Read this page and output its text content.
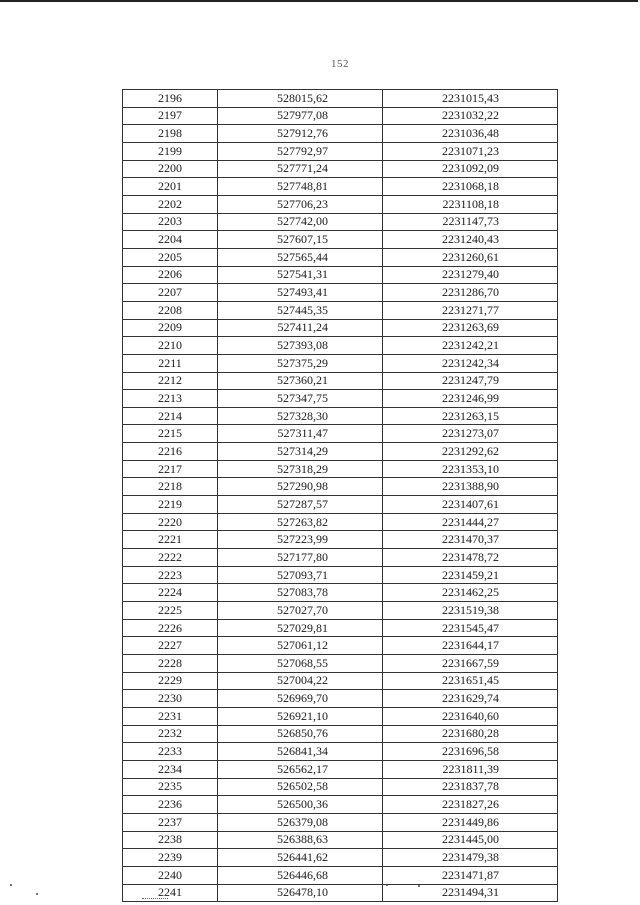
152
2196	528015,62	2231015,43
2197	527977,08	2231032,22
2198	527912,76	2231036,48
2199	527792,97	2231071,23
2200	527771,24	2231092,09
2201	527748,81	2231068,18
2202	527706,23	2231108,18
2203	527742,00	2231147,73
2204	527607,15	2231240,43
2205	527565,44	2231260,61
2206	527541,31	2231279,40
2207	527493,41	2231286,70
2208	527445,35	2231271,77
2209	527411,24	2231263,69
2210	527393,08	2231242,21
2211	527375,29	2231242,34
2212	527360,21	2231247,79
2213	527347,75	2231246,99
2214	527328,30	2231263,15
2215	527311,47	2231273,07
2216	527314,29	2231292,62
2217	527318,29	2231353,10
2218	527290,98	2231388,90
2219	527287,57	2231407,61
2220	527263,82	2231444,27
2221	527223,99	2231470,37
2222	527177,80	2231478,72
2223	527093,71	2231459,21
2224	527083,78	2231462,25
2225	527027,70	2231519,38
2226	527029,81	2231545,47
2227	527061,12	2231644,17
2228	527068,55	2231667,59
2229	527004,22	2231651,45
2230	526969,70	2231629,74
2231	526921,10	2231640,60
2232	526850,76	2231680,28
2233	526841,34	2231696,58
2234	526562,17	2231811,39
2235	526502,58	2231837,78
2236	526500,36	2231827,26
2237	526379,08	2231449,86
2238	526388,63	2231445,00
2239	526441,62	2231479,38
2240	526446,68	2231471,87
2241	526478,10	2231494,31
